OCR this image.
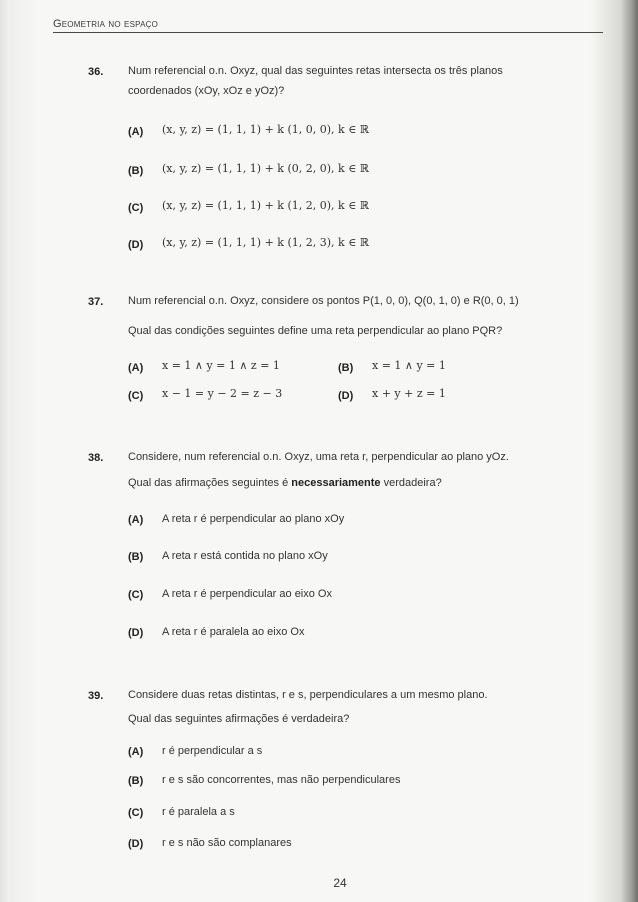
Geometria no espaço
36. Num referencial o.n. Oxyz, qual das seguintes retas intersecta os três planos
coordenados (xOy, xOz e yOz)?
(A) (x, y, z) = (1, 1, 1) + k (1, 0, 0), k ∈ ℝ
(B) (x, y, z) = (1, 1, 1) + k (0, 2, 0), k ∈ ℝ
(C) (x, y, z) = (1, 1, 1) + k (1, 2, 0), k ∈ ℝ
(D) (x, y, z) = (1, 1, 1) + k (1, 2, 3), k ∈ ℝ
37. Num referencial o.n. Oxyz, considere os pontos P(1, 0, 0), Q(0, 1, 0) e R(0, 0, 1)
Qual das condições seguintes define uma reta perpendicular ao plano PQR?
(A) x = 1 ∧ y = 1 ∧ z = 1	(B) x = 1 ∧ y = 1
(C) x − 1 = y − 2 = z − 3	(D) x + y + z = 1
38. Considere, num referencial o.n. Oxyz, uma reta r, perpendicular ao plano yOz.
Qual das afirmações seguintes é necessariamente verdadeira?
(A) A reta r é perpendicular ao plano xOy
(B) A reta r está contida no plano xOy
(C) A reta r é perpendicular ao eixo Ox
(D) A reta r é paralela ao eixo Ox
39. Considere duas retas distintas, r e s, perpendiculares a um mesmo plano.
Qual das seguintes afirmações é verdadeira?
(A) r é perpendicular a s
(B) r e s são concorrentes, mas não perpendiculares
(C) r é paralela a s
(D) r e s não são complanares
24
